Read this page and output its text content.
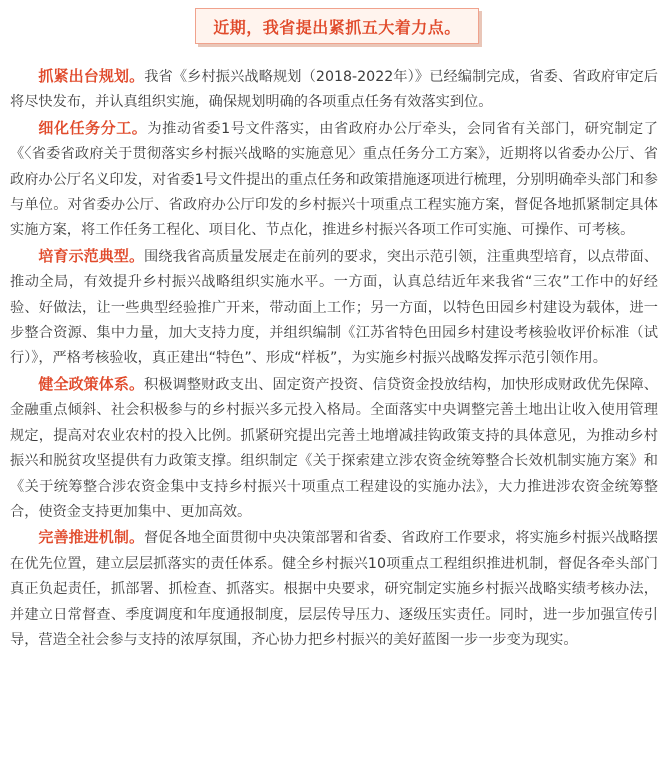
近期，我省提出紧抓五大着力点。

抓紧出台规划。我省《乡村振兴战略规划（2018-2022年）》已经编制完成，省委、省政府审定后将尽快发布，并认真组织实施，确保规划明确的各项重点任务有效落实到位。

细化任务分工。为推动省委1号文件落实，由省政府办公厅牵头，会同省有关部门，研究制定了《〈省委省政府关于贯彻落实乡村振兴战略的实施意见〉重点任务分工方案》，近期将以省委办公厅、省政府办公厅名义印发，对省委1号文件提出的重点任务和政策措施逐项进行梳理，分别明确牵头部门和参与单位。对省委办公厅、省政府办公厅印发的乡村振兴十项重点工程实施方案，督促各地抓紧制定具体实施方案，将工作任务工程化、项目化、节点化，推进乡村振兴各项工作可实施、可操作、可考核。

培育示范典型。围绕我省高质量发展走在前列的要求，突出示范引领，注重典型培育，以点带面、推动全局，有效提升乡村振兴战略组织实施水平。一方面，认真总结近年来我省“三农”工作中的好经验、好做法，让一些典型经验推广开来，带动面上工作；另一方面，以特色田园乡村建设为载体，进一步整合资源、集中力量，加大支持力度，并组织编制《江苏省特色田园乡村建设考核验收评价标准（试行）》，严格考核验收，真正建出“特色”、形成“样板”，为实施乡村振兴战略发挥示范引领作用。

健全政策体系。积极调整财政支出、固定资产投资、信贷资金投放结构，加快形成财政优先保障、金融重点倾斜、社会积极参与的乡村振兴多元投入格局。全面落实中央调整完善土地出让收入使用管理规定，提高对农业农村的投入比例。抓紧研究提出完善土地增减挂钩政策支持的具体意见，为推动乡村振兴和脱贫攻坚提供有力政策支撑。组织制定《关于探索建立涉农资金统筹整合长效机制实施方案》和《关于统筹整合涉农资金集中支持乡村振兴十项重点工程建设的实施办法》，大力推进涉农资金统筹整合，使资金支持更加集中、更加高效。

完善推进机制。督促各地全面贯彻中央决策部署和省委、省政府工作要求，将实施乡村振兴战略摆在优先位置，建立层层抓落实的责任体系。健全乡村振兴10项重点工程组织推进机制，督促各牵头部门真正负起责任，抓部署、抓检查、抓落实。根据中央要求，研究制定实施乡村振兴战略实绩考核办法，并建立日常督查、季度调度和年度通报制度，层层传导压力、逐级压实责任。同时，进一步加强宣传引导，营造全社会参与支持的浓厚氛围，齐心协力把乡村振兴的美好蓝图一步一步变为现实。
